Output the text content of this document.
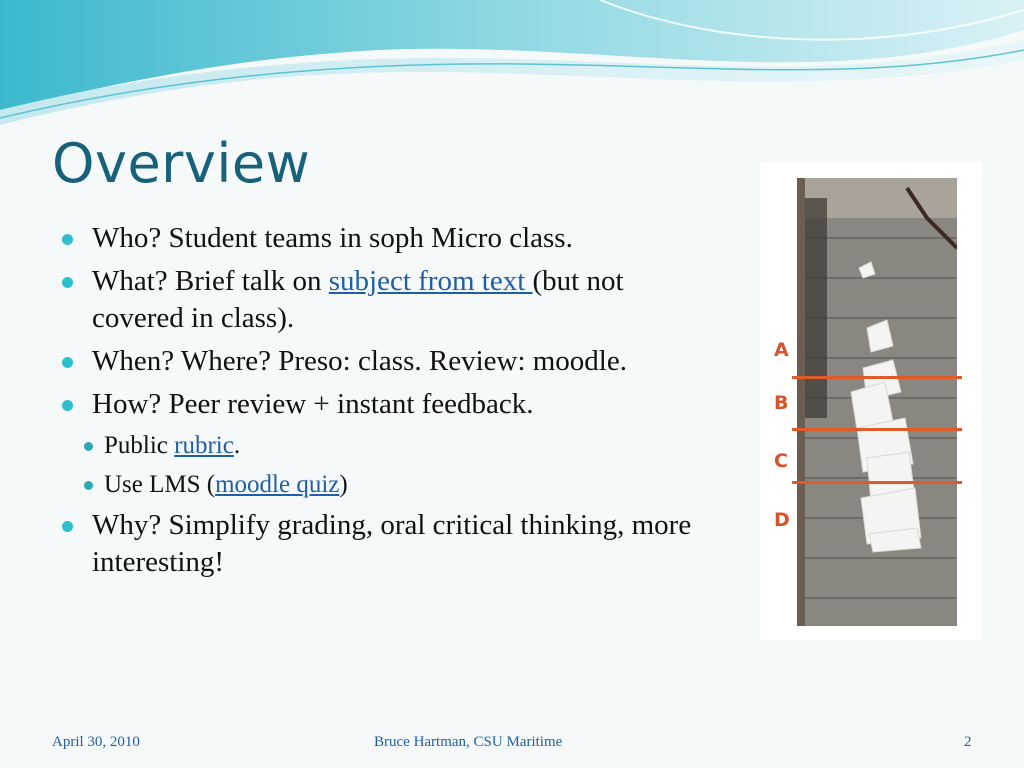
Overview
Who? Student teams in soph Micro class.
What? Brief talk on subject from text (but not covered in class).
When? Where? Preso: class. Review: moodle.
How? Peer review + instant feedback.
Public rubric.
Use LMS (moodle quiz)
Why? Simplify grading, oral critical thinking, more interesting!
A
B
C
D
April 30, 2010	Bruce Hartman, CSU Maritime	2
